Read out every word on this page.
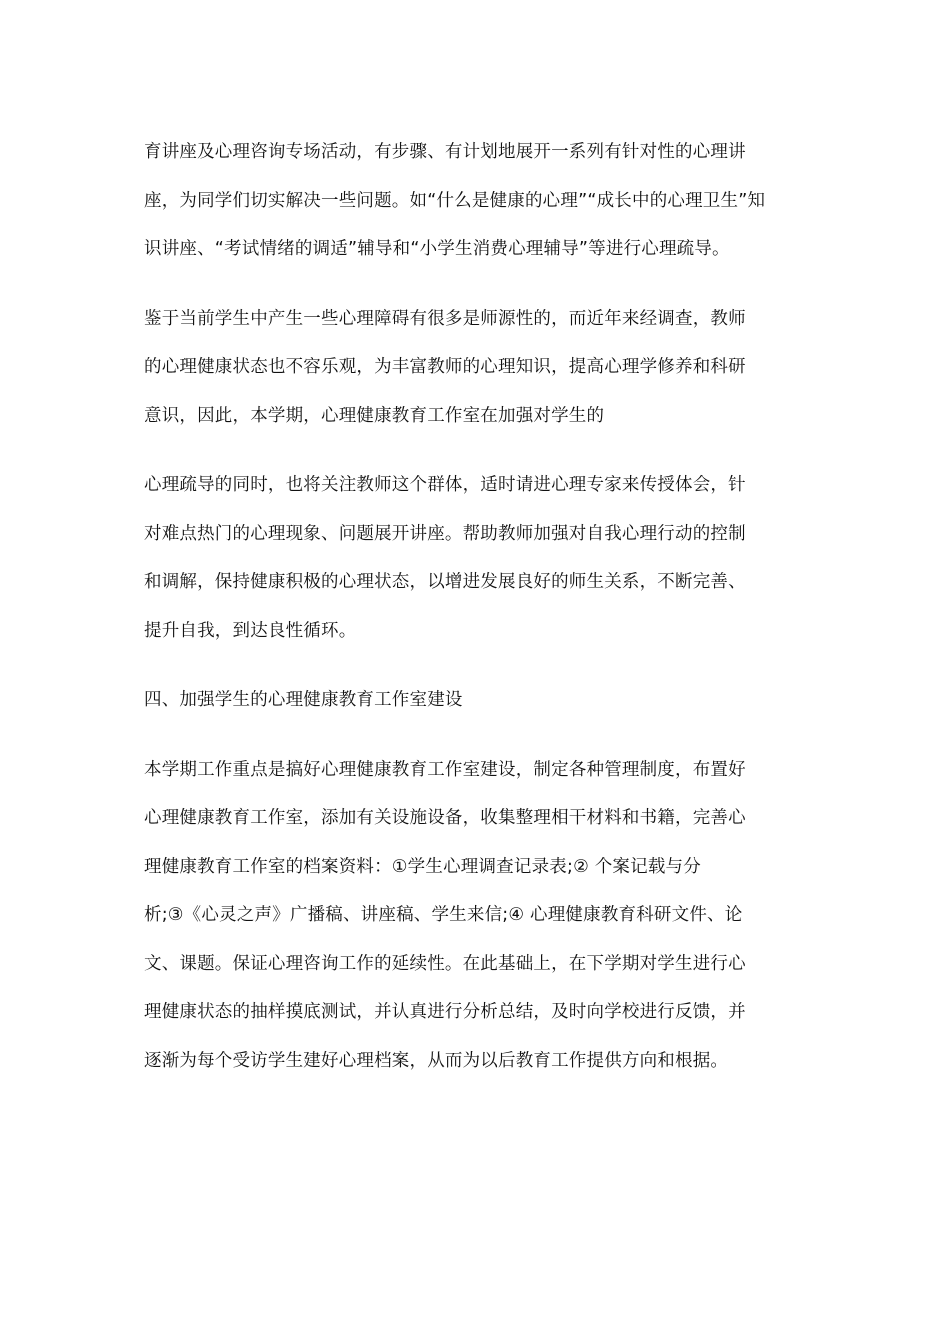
育讲座及心理咨询专场活动，有步骤、有计划地展开一系列有针对性的心理讲
座，为同学们切实解决一些问题。如“什么是健康的心理”“成长中的心理卫生”知
识讲座、“考试情绪的调适”辅导和“小学生消费心理辅导”等进行心理疏导。

鉴于当前学生中产生一些心理障碍有很多是师源性的，而近年来经调查，教师
的心理健康状态也不容乐观，为丰富教师的心理知识，提高心理学修养和科研
意识，因此，本学期，心理健康教育工作室在加强对学生的

心理疏导的同时，也将关注教师这个群体，适时请进心理专家来传授体会，针
对难点热门的心理现象、问题展开讲座。帮助教师加强对自我心理行动的控制
和调解，保持健康积极的心理状态，以增进发展良好的师生关系，不断完善、
提升自我，到达良性循环。

四、加强学生的心理健康教育工作室建设

本学期工作重点是搞好心理健康教育工作室建设，制定各种管理制度，布置好
心理健康教育工作室，添加有关设施设备，收集整理相干材料和书籍，完善心
理健康教育工作室的档案资料：①学生心理调查记录表;② 个案记载与分
析;③《心灵之声》广播稿、讲座稿、学生来信;④ 心理健康教育科研文件、论
文、课题。保证心理咨询工作的延续性。在此基础上，在下学期对学生进行心
理健康状态的抽样摸底测试，并认真进行分析总结，及时向学校进行反馈，并
逐渐为每个受访学生建好心理档案，从而为以后教育工作提供方向和根据。
